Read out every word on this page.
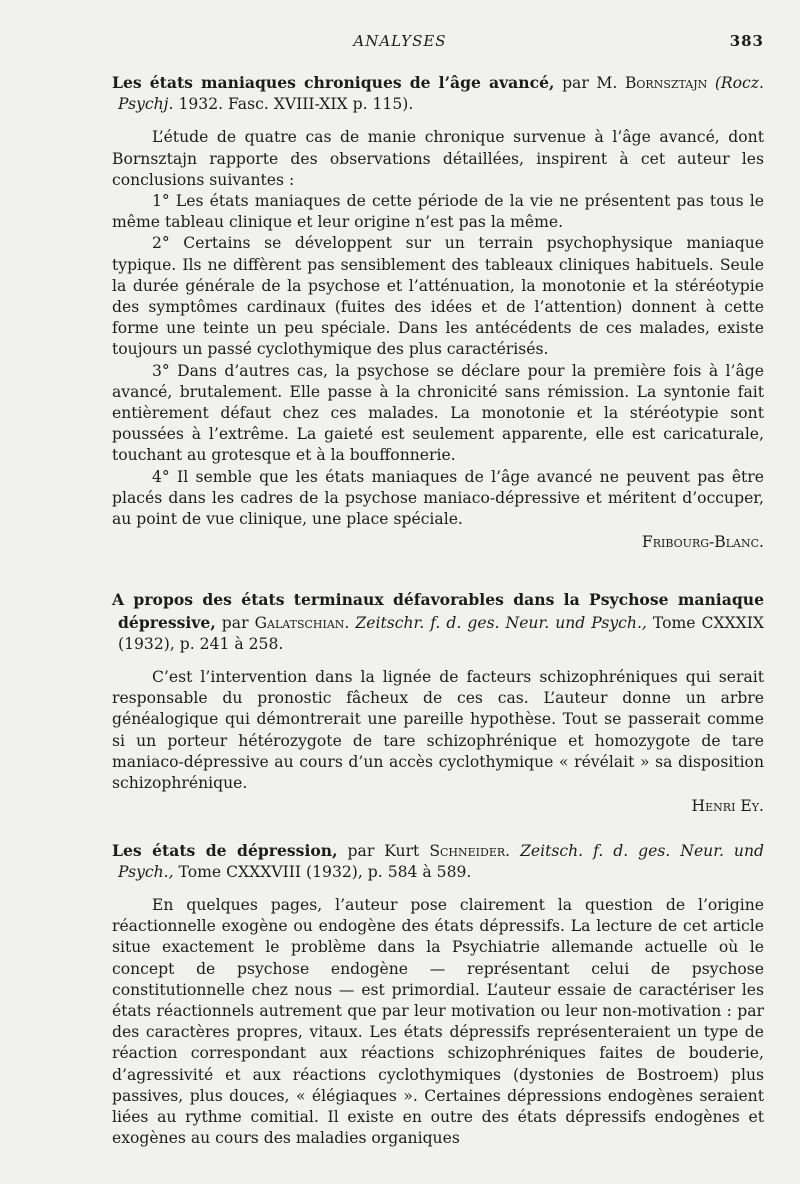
ANALYSES	383
Les états maniaques chroniques de l’âge avancé, par M. Bornsztajn (Rocz. Psychj. 1932. Fasc. XVIII-XIX p. 115).

L’étude de quatre cas de manie chronique survenue à l’âge avancé, dont Bornsztajn rapporte des observations détaillées, inspirent à cet auteur les conclusions suivantes :

1° Les états maniaques de cette période de la vie ne présentent pas tous le même tableau clinique et leur origine n’est pas la même.

2° Certains se développent sur un terrain psychophysique maniaque typique. Ils ne diffèrent pas sensiblement des tableaux cliniques habituels. Seule la durée générale de la psychose et l’atténuation, la monotonie et la stéréotypie des symptômes cardinaux (fuites des idées et de l’attention) donnent à cette forme une teinte un peu spéciale. Dans les antécédents de ces malades, existe toujours un passé cyclothymique des plus caractérisés.

3° Dans d’autres cas, la psychose se déclare pour la première fois à l’âge avancé, brutalement. Elle passe à la chronicité sans rémission. La syntonie fait entièrement défaut chez ces malades. La monotonie et la stéréotypie sont poussées à l’extrême. La gaieté est seulement apparente, elle est caricaturale, touchant au grotesque et à la bouffonnerie.

4° Il semble que les états maniaques de l’âge avancé ne peuvent pas être placés dans les cadres de la psychose maniaco-dépressive et méritent d’occuper, au point de vue clinique, une place spéciale.

Fribourg-Blanc.
A propos des états terminaux défavorables dans la Psychose maniaque dépressive, par Galatschian. Zeitschr. f. d. ges. Neur. und Psych., Tome CXXXIX (1932), p. 241 à 258.

C’est l’intervention dans la lignée de facteurs schizophréniques qui serait responsable du pronostic fâcheux de ces cas. L’auteur donne un arbre généalogique qui démontrerait une pareille hypothèse. Tout se passerait comme si un porteur hétérozygote de tare schizophrénique et homozygote de tare maniaco-dépressive au cours d’un accès cyclothymique « révélait » sa disposition schizophrénique.

Henri Ey.
Les états de dépression, par Kurt Schneider. Zeitsch. f. d. ges. Neur. und Psych., Tome CXXXVIII (1932), p. 584 à 589.

En quelques pages, l’auteur pose clairement la question de l’origine réactionnelle exogène ou endogène des états dépressifs. La lecture de cet article situe exactement le problème dans la Psychiatrie allemande actuelle où le concept de psychose endogène — représentant celui de psychose constitutionnelle chez nous — est primordial. L’auteur essaie de caractériser les états réactionnels autrement que par leur motivation ou leur non-motivation : par des caractères propres, vitaux. Les états dépressifs représenteraient un type de réaction correspondant aux réactions schizophréniques faites de bouderie, d’agressivité et aux réactions cyclothymiques (dystonies de Bostroem) plus passives, plus douces, « élégiaques ». Certaines dépressions endogènes seraient liées au rythme comitial. Il existe en outre des états dépressifs endogènes et exogènes au cours des maladies organiques
